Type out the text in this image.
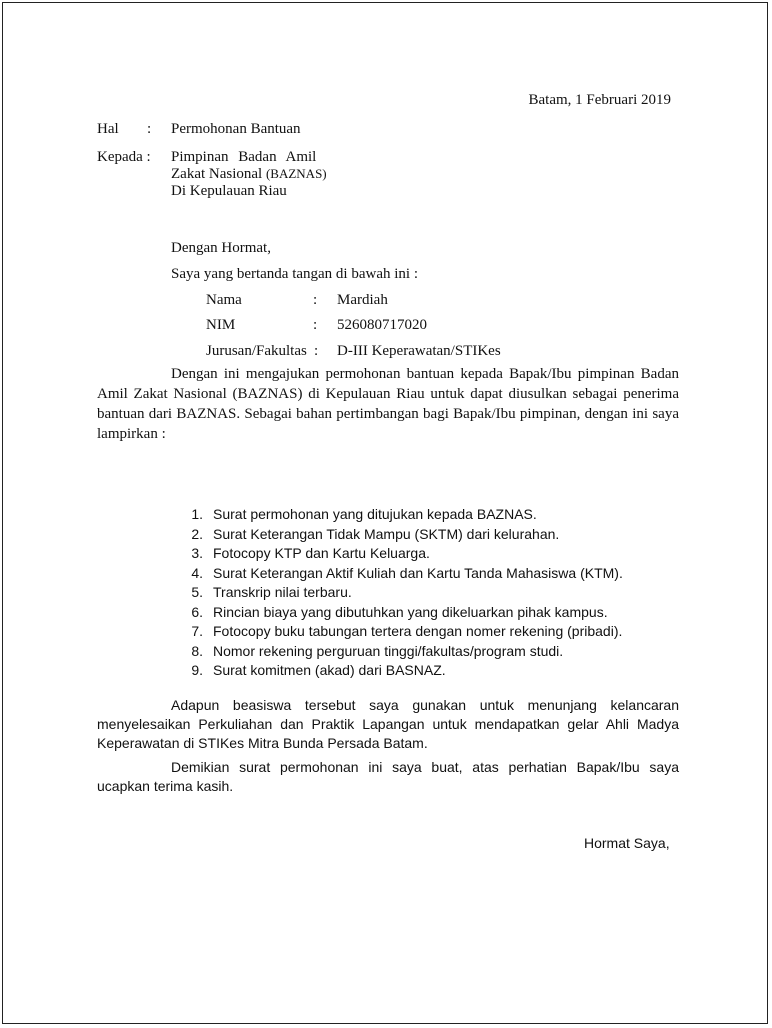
Batam, 1 Februari 2019
Hal : Permohonan Bantuan
Kepada : Pimpinan Badan Amil
Zakat Nasional (BAZNAS)
Di Kepulauan Riau
Dengan Hormat,
Saya yang bertanda tangan di bawah ini :
Nama	: Mardiah
NIM	: 526080717020
Jurusan/Fakultas : D-III Keperawatan/STIKes
Dengan ini mengajukan permohonan bantuan kepada Bapak/Ibu pimpinan Badan Amil Zakat Nasional (BAZNAS) di Kepulauan Riau untuk dapat diusulkan sebagai penerima bantuan dari BAZNAS. Sebagai bahan pertimbangan bagi Bapak/Ibu pimpinan, dengan ini saya lampirkan :
1. Surat permohonan yang ditujukan kepada BAZNAS.
2. Surat Keterangan Tidak Mampu (SKTM) dari kelurahan.
3. Fotocopy KTP dan Kartu Keluarga.
4. Surat Keterangan Aktif Kuliah dan Kartu Tanda Mahasiswa (KTM).
5. Transkrip nilai terbaru.
6. Rincian biaya yang dibutuhkan yang dikeluarkan pihak kampus.
7. Fotocopy buku tabungan tertera dengan nomer rekening (pribadi).
8. Nomor rekening perguruan tinggi/fakultas/program studi.
9. Surat komitmen (akad) dari BASNAZ.
Adapun beasiswa tersebut saya gunakan untuk menunjang kelancaran menyelesaikan Perkuliahan dan Praktik Lapangan untuk mendapatkan gelar Ahli Madya Keperawatan di STIKes Mitra Bunda Persada Batam.
Demikian surat permohonan ini saya buat, atas perhatian Bapak/Ibu saya ucapkan terima kasih.
Hormat Saya,
